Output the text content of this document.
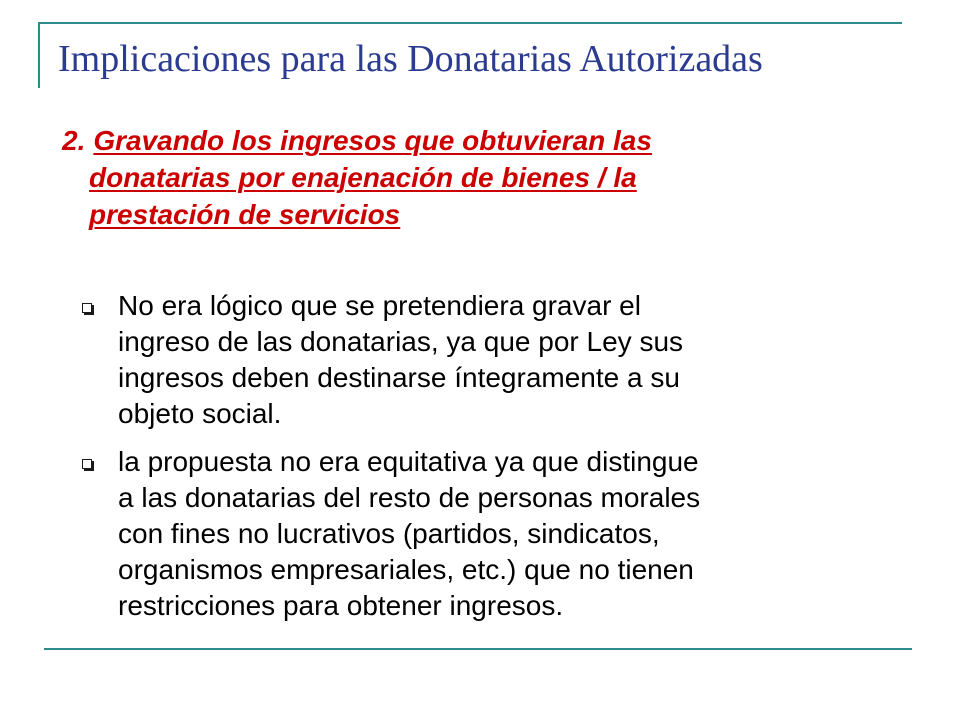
Implicaciones para las Donatarias Autorizadas
2. Gravando los ingresos que obtuvieran las
donatarias por enajenación de bienes / la
prestación de servicios
No era lógico que se pretendiera gravar el
ingreso de las donatarias, ya que por Ley sus
ingresos deben destinarse íntegramente a su
objeto social.
la propuesta no era equitativa ya que distingue
a las donatarias del resto de personas morales
con fines no lucrativos (partidos, sindicatos,
organismos empresariales, etc.) que no tienen
restricciones para obtener ingresos.
